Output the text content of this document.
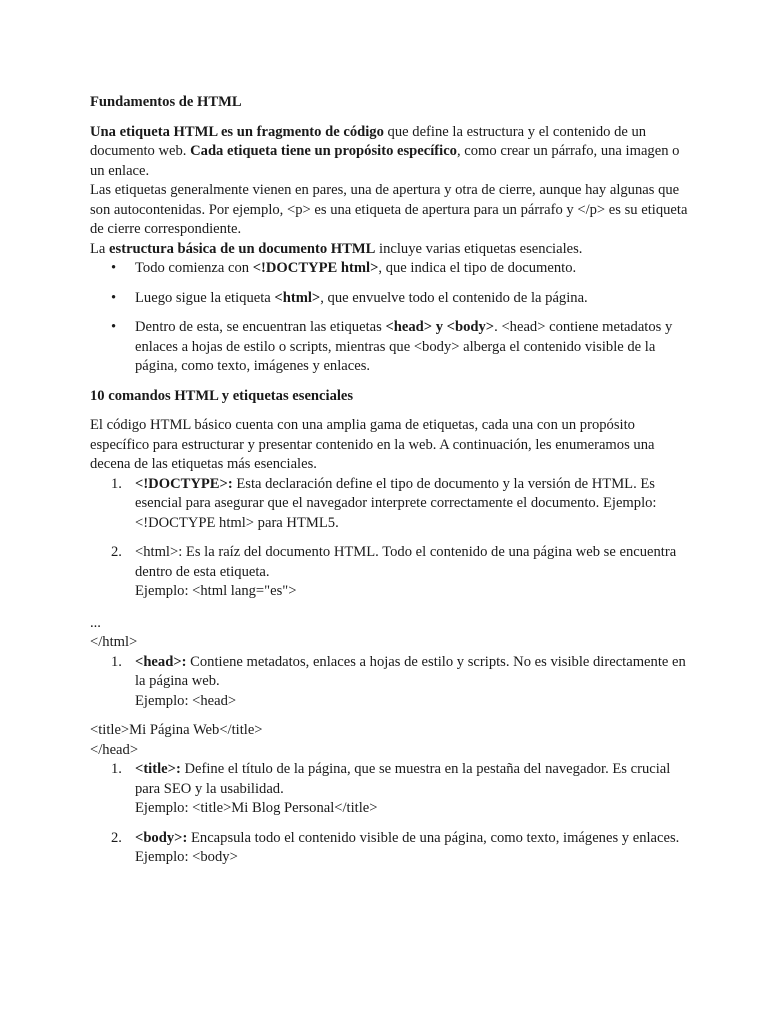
Fundamentos de HTML

Una etiqueta HTML es un fragmento de código que define la estructura y el contenido de un documento web. Cada etiqueta tiene un propósito específico, como crear un párrafo, una imagen o un enlace.

Las etiquetas generalmente vienen en pares, una de apertura y otra de cierre, aunque hay algunas que son autocontenidas. Por ejemplo, <p> es una etiqueta de apertura para un párrafo y </p> es su etiqueta de cierre correspondiente.

La estructura básica de un documento HTML incluye varias etiquetas esenciales.

• Todo comienza con <!DOCTYPE html>, que indica el tipo de documento.
• Luego sigue la etiqueta <html>, que envuelve todo el contenido de la página.
• Dentro de esta, se encuentran las etiquetas <head> y <body>. <head> contiene metadatos y enlaces a hojas de estilo o scripts, mientras que <body> alberga el contenido visible de la página, como texto, imágenes y enlaces.

10 comandos HTML y etiquetas esenciales

El código HTML básico cuenta con una amplia gama de etiquetas, cada una con un propósito específico para estructurar y presentar contenido en la web. A continuación, les enumeramos una decena de las etiquetas más esenciales.

1. <!DOCTYPE>: Esta declaración define el tipo de documento y la versión de HTML. Es esencial para asegurar que el navegador interprete correctamente el documento. Ejemplo: <!DOCTYPE html> para HTML5.
2. <html>: Es la raíz del documento HTML. Todo el contenido de una página web se encuentra dentro de esta etiqueta.
Ejemplo: <html lang="es">

...

</html>

1. <head>: Contiene metadatos, enlaces a hojas de estilo y scripts. No es visible directamente en la página web.
Ejemplo: <head>

<title>Mi Página Web</title>

</head>

1. <title>: Define el título de la página, que se muestra en la pestaña del navegador. Es crucial para SEO y la usabilidad.
Ejemplo: <title>Mi Blog Personal</title>
2. <body>: Encapsula todo el contenido visible de una página, como texto, imágenes y enlaces.
Ejemplo: <body>
